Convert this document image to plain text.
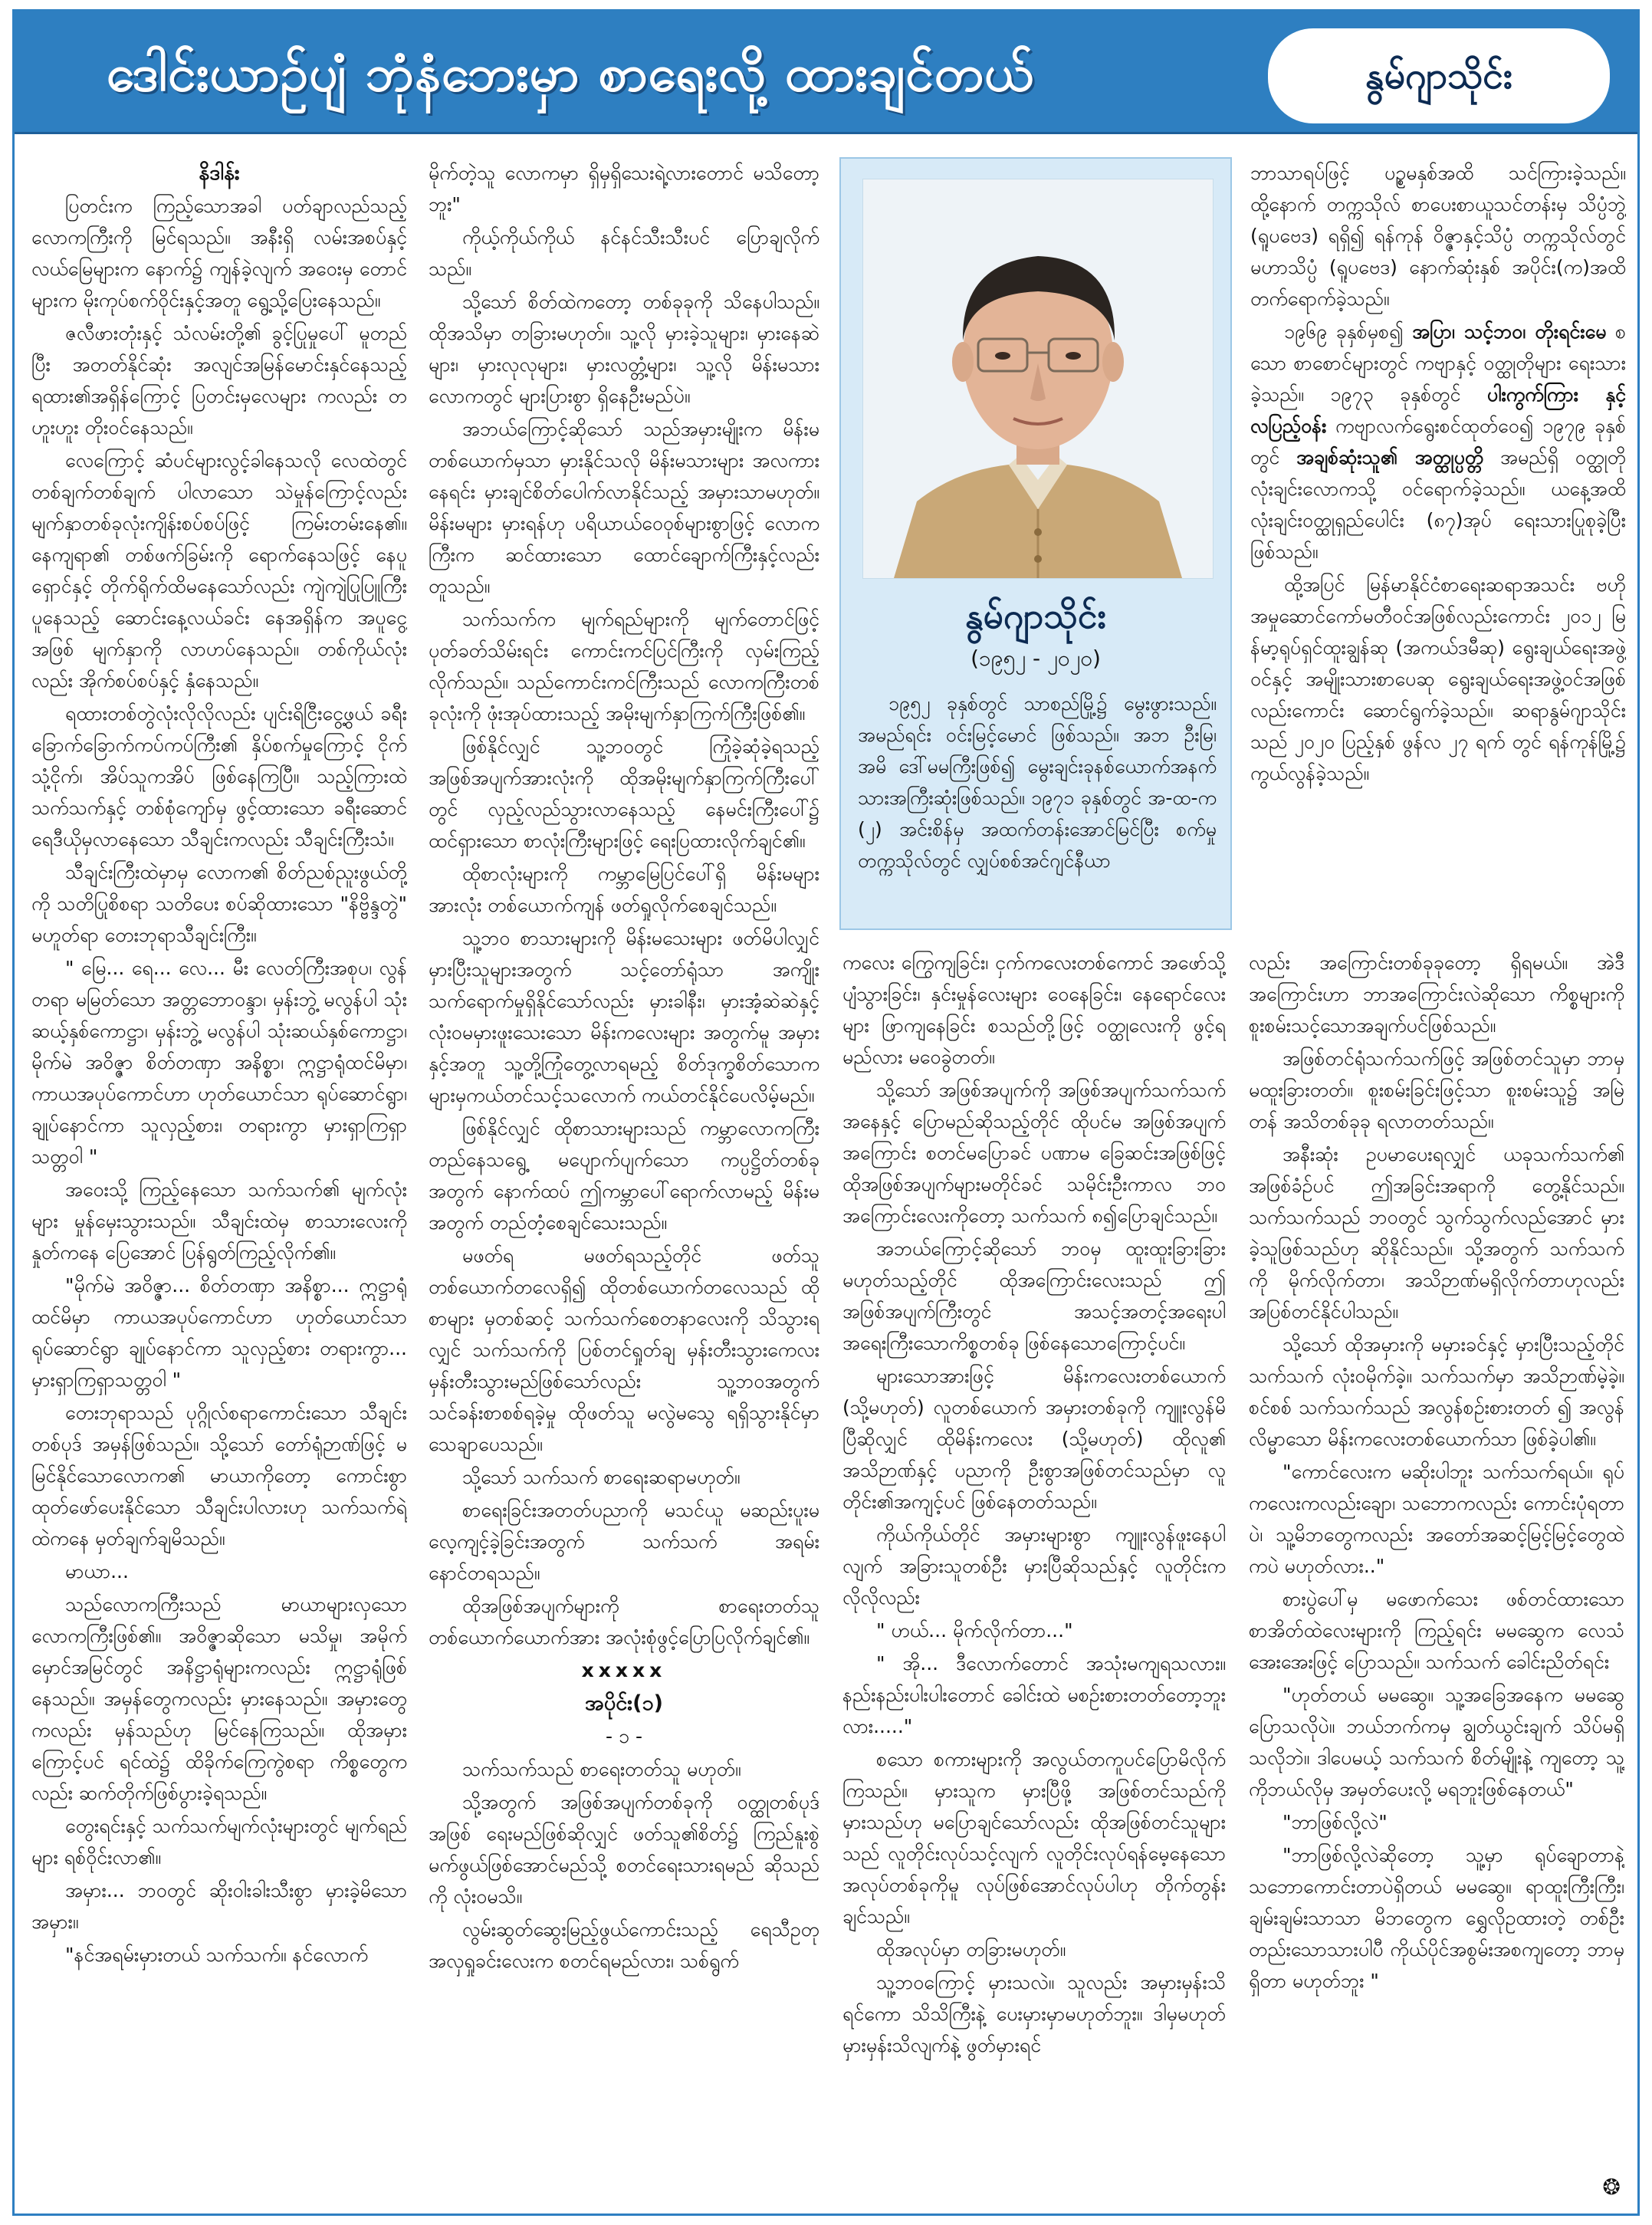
ဒေါင်းယာဥ်ပျံ ဘုံနံဘေးမှာ စာရေးလို့ ထားချင်တယ်	နွမ်ဂျာသိုင်း

နိဒါန်း

ပြတင်းက ကြည့်သောအခါ ပတ်ချာလည်သည့် လောကကြီးကို မြင်ရသည်။ အနီးရှိ လမ်းအစပ်နှင့် လယ်မြေများက နောက်၌ ကျန်ခဲ့လျက် အဝေးမှ တောင်များက မိုးကုပ်စက်ဝိုင်းနှင့်အတူ ရွေ့သို့ပြေးနေသည်။

ဇလီဖားတုံးနှင့် သံလမ်းတို့၏ ခွင့်ပြုမှုပေါ် မူတည်ပြီး အတတ်နိုင်ဆုံး အလျင်အမြန်မောင်းနှင်နေသည့် ရထား၏အရှိန်ကြောင့် ပြတင်းမှလေများ ကလည်း တဟူးဟူး တိုးဝင်နေသည်။

လေကြောင့် ဆံပင်များလွင့်ခါနေသလို လေထဲတွင် တစ်ချက်တစ်ချက် ပါလာသော သဲမှုန်ကြောင့်လည်း မျက်နှာတစ်ခုလုံးကျိန်းစပ်စပ်ဖြင့် ကြမ်းတမ်းနေ၏။ နေကျရာ၏ တစ်ဖက်ခြမ်းကို ရောက်နေသဖြင့် နေပူရှောင်နှင့် တိုက်ရိုက်ထိမနေသော်လည်း ကျဲကျဲပြုပြူကြီးပူနေသည့် ဆောင်းနေ့လယ်ခင်း နေအရှိန်က အပူငွေ့အဖြစ် မျက်နှာကို လာဟပ်နေသည်။ တစ်ကိုယ်လုံးလည်း အိုက်စပ်စပ်နှင့် နှံနေသည်။

ရထားတစ်တွဲလုံးလိုလိုလည်း ပျင်းရိငြီးငွေ့ဖွယ် ခရီးခြောက်ခြောက်ကပ်ကပ်ကြီး၏ နှိပ်စက်မှုကြောင့် ငိုက်သုံ့ငိုက်၊ အိပ်သူကအိပ် ဖြစ်နေကြပြီ။ သည့်ကြားထဲ သက်သက်နှင့် တစ်စုံကျော်မှ ဖွင့်ထားသော ခရီးဆောင်ရေဒီယိုမှလာနေသော သီချင်းကလည်း သီချင်းကြီးသံ။

သီချင်းကြီးထဲမှာမှ လောက၏ စိတ်ညစ်ညူးဖွယ်တို့ကို သတိပြုစိစရာ သတိပေး စပ်ဆိုထားသော "နိဗ္ဗိန္ဒတွဲ" မဟူတ်ရာ တေးဘုရာသီချင်းကြီး။

" မြေ... ရေ... လေ... မီး လေတ်ကြီးအစုပ၊ လွန်တရာ မမြတ်သော အတ္တဘောဝန္ဒာ၊ မှန်းဘွဲ့ မလွန်ပါ သုံးဆယ့်နှစ်ကောဋ္ဌာ၊ မှန်းဘွဲ့ မလွန်ပါ သုံးဆယ်နှစ်ကောဋ္ဌာ၊ မိုက်မဲ အဝိဇ္ဇာ စိတ်တဏှာ အနိစ္စာ၊ ဣဋ္ဌာရုံထင်မိမှာ၊ ကာယအပုပ်ကောင်ဟာ ဟုတ်ယောင်သာ ရုပ်ဆောင်ရွာ၊ ချုပ်နောင်ကာ သူလှည့်စား၊ တရားကွာ မှားရှာကြရှာသတ္တဝါ "

အဝေးသို့ ကြည့်နေသော သက်သက်၏ မျက်လုံးများ မှုန်မှေးသွားသည်။ သီချင်းထဲမှ စာသားလေးကို နှုတ်ကနေ ပြေအောင် ပြန်ရွတ်ကြည့်လိုက်၏။

"မိုက်မဲ အဝိဇ္ဇာ... စိတ်တဏှာ အနိစ္စာ... ဣဋ္ဌာရုံထင်မိမှာ ကာယအပုပ်ကောင်ဟာ ဟုတ်ယောင်သာ ရုပ်ဆောင်ရွာ ချုပ်နောင်ကာ သူလှည့်စား တရားကွာ... မှားရှာကြရှာသတ္တဝါ "

တေးဘုရာသည် ပုဂ္ဂိုလ်စရာကောင်းသော သီချင်းတစ်ပုဒ် အမှန်ဖြစ်သည်။ သို့သော် တော်ရုံဉာဏ်ဖြင့် မမြင်နိုင်သောလောက၏ မာယာကိုတော့ ကောင်းစွာထုတ်ဖော်ပေးနိုင်သော သီချင်းပါလားဟု သက်သက်ရဲ့ထဲကနေ မှတ်ချက်ချမိသည်။

မာယာ...

သည်လောကကြီးသည် မာယာများလှသော လောကကြီးဖြစ်၏။ အဝိဇ္ဇာဆိုသော မသိမှု၊ အမိုက်မှောင်အမြင်တွင် အနိဋ္ဌာရုံများကလည်း ဣဋ္ဌာရုံဖြစ်နေသည်။ အမှန်တွေကလည်း မှားနေသည်။ အမှားတွေကလည်း မှန်သည်ဟု မြင်နေကြသည်။ ထိုအမှားကြောင့်ပင် ရင်ထဲ၌ ထိခိုက်ကြေကွဲစရာ ကိစ္စတွေကလည်း ဆက်တိုက်ဖြစ်ပွားခဲ့ရသည်။

တွေးရင်းနှင့် သက်သက်မျက်လုံးများတွင် မျက်ရည်များ ရစ်ဝိုင်းလာ၏။

အမှား... ဘဝတွင် ဆိုးဝါးခါးသီးစွာ မှားခဲ့မိသော အမှား။

"နင်အရမ်းမှားတယ် သက်သက်။ နင်လောက်

မိုက်တဲ့သူ လောကမှာ ရှိမှရှိသေးရဲ့လားတောင် မသိတော့ဘူး"

ကိုယ့်ကိုယ်ကိုယ် နင်နင်သီးသီးပင် ပြောချလိုက်သည်။

သို့သော် စိတ်ထဲကတော့ တစ်ခုခုကို သိနေပါသည်။ ထိုအသိမှာ တခြားမဟုတ်။ သူ့လို မှားခဲ့သူများ၊ မှားနေဆဲများ၊ မှားလုလုများ၊ မှားလတ္တံ့များ၊ သူ့လို မိန်းမသားလောကတွင် များပြားစွာ ရှိနေဦးမည်ပဲ။

အဘယ်ကြောင့်ဆိုသော် သည်အမှားမျိုးက မိန်းမတစ်ယောက်မှသာ မှားနိုင်သလို မိန်းမသားများ အလကားနေရင်း မှားချင်စိတ်ပေါက်လာနိုင်သည့် အမှားသာမဟုတ်။ မိန်းမများ မှားရန်ဟု ပရိယာယ်ဝေဝုစ်များစွာဖြင့် လောကကြီးက ဆင်ထားသော ထောင်ချောက်ကြီးနှင့်လည်း တူသည်။

သက်သက်က မျက်ရည်များကို မျက်တောင်ဖြင့် ပုတ်ခတ်သိမ်းရင်း ကောင်းကင်ပြင်ကြီးကို လှမ်းကြည့်လိုက်သည်။ သည်ကောင်းကင်ကြီးသည် လောကကြီးတစ်ခုလုံးကို ဖုံးအုပ်ထားသည့် အမိုးမျက်နှာကြက်ကြီးဖြစ်၏။

ဖြစ်နိုင်လျှင် သူ့ဘဝတွင် ကြုံခဲ့ဆုံခဲ့ရသည့် အဖြစ်အပျက်အားလုံးကို ထိုအမိုးမျက်နှာကြက်ကြီးပေါ်တွင် လှည့်လည်သွားလာနေသည့် နေမင်းကြီးပေါ်၌ ထင်ရှားသော စာလုံးကြီးများဖြင့် ရေးပြထားလိုက်ချင်၏။

ထိုစာလုံးများကို ကမ္ဘာမြေပြင်ပေါ်ရှိ မိန်းမများအားလုံး တစ်ယောက်ကျန် ဖတ်ရှုလိုက်စေချင်သည်။

သူ့ဘဝ စာသားများကို မိန်းမသေးများ ဖတ်မိပါလျှင် မှားပြီးသူများအတွက် သင့်တော်ရုံသာ အကျိုးသက်ရောက်မှုရှိနိုင်သော်လည်း မှားခါနီး၊ မှားအံ့ဆဲဆဲနှင့် လုံးဝမမှားဖူးသေးသော မိန်းကလေးများ အတွက်မူ အမှားနှင့်အတူ သူ့တို့ကြုံတွေ့လာရမည့် စိတ်ဒုက္ခစိတ်သောကများမှကယ်တင်သင့်သလောက် ကယ်တင်နိုင်ပေလိမ့်မည်။

ဖြစ်နိုင်လျှင် ထိုစာသားများသည် ကမ္ဘာလောကကြီး တည်နေသရွေ့ မပျောက်ပျက်သော ကပ္ပဋ္ဌိတ်တစ်ခုအတွက် နောက်ထပ် ဤကမ္ဘာပေါ်ရောက်လာမည့် မိန်းမအတွက် တည်တံ့စေချင်သေးသည်။

မဖတ်ရ မဖတ်ရသည့်တိုင် ဖတ်သူတစ်ယောက်တလေရှိ၍ ထိုတစ်ယောက်တလေသည် ထိုစာများ မှတစ်ဆင့် သက်သက်စေတနာလေးကို သိသွားရလျှင် သက်သက်ကို ပြစ်တင်ရှုတ်ချ မှန်းတီးသွားကေလး မှန်းတီးသွားမည်ဖြစ်သော်လည်း သူ့ဘဝအတွက် သင်ခန်းစာစစ်ရခဲ့မှု ထိုဖတ်သူ မလွဲမသွေ ရရှိသွားနိုင်မှာ သေချာပေသည်။

သို့သော် သက်သက် စာရေးဆရာမဟုတ်။

စာရေးခြင်းအတတ်ပညာကို မသင်ယူ မဆည်းပူးမလေ့ကျင့်ခဲ့ခြင်းအတွက် သက်သက် အရမ်းနောင်တရသည်။

ထိုအဖြစ်အပျက်များကို စာရေးတတ်သူ တစ်ယောက်ယောက်အား အလုံးစုံဖွင့်ပြောပြလိုက်ချင်၏။

xxxxx

အပိုင်း(၁)

- ၁ -

သက်သက်သည် စာရေးတတ်သူ မဟုတ်။

သို့အတွက် အဖြစ်အပျက်တစ်ခုကို ဝတ္ထုတစ်ပုဒ် အဖြစ် ရေးမည်ဖြစ်ဆိုလျှင် ဖတ်သူ၏စိတ်၌ ကြည်နူးစွဲမက်ဖွယ်ဖြစ်အောင်မည်သို့ စတင်ရေးသားရမည် ဆိုသည်ကို လုံးဝမသိ။

လွမ်းဆွတ်ဆွေးမြည့်ဖွယ်ကောင်းသည့် ရေသီဥတုအလှရှုခင်းလေးက စတင်ရမည်လား၊ သစ်ရွက်

နွမ်ဂျာသိုင်း
(၁၉၅၂ - ၂၀၂၀)

၁၉၅၂ ခုနှစ်တွင် သာစည်မြို့၌ မွေးဖွားသည်။ အမည်ရင်း ဝင်းမြင့်မောင် ဖြစ်သည်။ အဘ ဦးမြ၊ အမိ ဒေါ်မမကြီးဖြစ်၍ မွေးချင်းခုနစ်ယောက်အနက် သားအကြီးဆုံးဖြစ်သည်။ ၁၉၇၁ ခုနှစ်တွင် အ-ထ-က (၂) အင်းစိန်မှ အထက်တန်းအောင်မြင်ပြီး စက်မှုတက္ကသိုလ်တွင် လျှပ်စစ်အင်ဂျင်နီယာ

ဘာသာရပ်ဖြင့် ပဉ္စမနှစ်အထိ သင်ကြားခဲ့သည်။ ထို့နောက် တက္ကသိုလ် စာပေးစာယူသင်တန်းမှ သိပ္ပံဘွဲ့ (ရူပဗေဒ) ရရှိ၍ ရန်ကုန် ဝိဇ္ဇာနှင့်သိပ္ပံ တက္ကသိုလ်တွင် မဟာသိပ္ပံ (ရူပဗေဒ) နောက်ဆုံးနှစ် အပိုင်း(က)အထိ တက်ရောက်ခဲ့သည်။

၁၉၆၉ ခုနှစ်မှစ၍ အပြာ၊ သင့်ဘဝ၊ တိုးရင်းမေ စသော စာစောင်များတွင် ကဗျာနှင့် ဝတ္ထုတိုများ ရေးသားခဲ့သည်။ ၁၉၇၃ ခုနှစ်တွင် ပါးကွက်ကြား နှင့် လပြည့်ဝန်း ကဗျာလက်ရွေးစင်ထုတ်ဝေ၍ ၁၉၇၉ ခုနှစ်တွင် အချစ်ဆုံးသူ၏ အတ္ထုပ္ပတ္တိ အမည်ရှိ ဝတ္ထုတို လုံးချင်းလောကသို့ ဝင်ရောက်ခဲ့သည်။ ယနေ့အထိ လုံးချင်းဝတ္ထုရှည်ပေါင်း (၈၇)အုပ် ရေးသားပြုစုခဲ့ပြီးဖြစ်သည်။

ထို့အပြင် မြန်မာနိုင်ငံစာရေးဆရာအသင်း ဗဟိုအမှုဆောင်ကော်မတီဝင်အဖြစ်လည်းကောင်း ၂၀၁၂ မြန်မာ့ရုပ်ရှင်ထူးချွန်ဆု (အကယ်ဒမီဆု) ရွေးချယ်ရေးအဖွဲ့ဝင်နှင့် အမျိုးသားစာပေဆု ရွေးချယ်ရေးအဖွဲ့ဝင်အဖြစ် လည်းကောင်း ဆောင်ရွက်ခဲ့သည်။ ဆရာနွမ်ဂျာသိုင်းသည် ၂၀၂၀ ပြည့်နှစ် ဖွန်လ ၂၇ ရက် တွင် ရန်ကုန်မြို့၌ ကွယ်လွန်ခဲ့သည်။

ကလေး ကြွေကျခြင်း၊ ငှက်ကလေးတစ်ကောင် အဖော်သို့ ပျံသွားခြင်း၊ နှင်းမှုန်လေးများ ဝေနေခြင်း၊ နေရောင်လေးများ ဖြာကျနေခြင်း စသည်တို့ဖြင့် ဝတ္ထုလေးကို ဖွင့်ရမည်လား မဝေခွဲတတ်။

သို့သော် အဖြစ်အပျက်ကို အဖြစ်အပျက်သက်သက်အနေနှင့် ပြောမည်ဆိုသည့်တိုင် ထိုပင်မ အဖြစ်အပျက်အကြောင်း စတင်မပြောခင် ပဏာမ ခြေဆင်းအဖြစ်ဖြင့် ထိုအဖြစ်အပျက်များမတိုင်ခင် သမိုင်းဦးကာလ ဘဝအကြောင်းလေးကိုတော့ သက်သက် ၈၍ပြောချင်သည်။

အဘယ်ကြောင့်ဆိုသော် ဘဝမှ ထူးထူးခြားခြား မဟုတ်သည့်တိုင် ထိုအကြောင်းလေးသည် ဤ အဖြစ်အပျက်ကြီးတွင် အသင့်အတင့်အရေးပါ အရေးကြီးသောကိစ္စတစ်ခု ဖြစ်နေသောကြောင့်ပင်။

များသောအားဖြင့် မိန်းကလေးတစ်ယောက် (သို့မဟုတ်) လူတစ်ယောက် အမှားတစ်ခုကို ကျူးလွန်မိပြီဆိုလျှင် ထိုမိန်းကလေး (သို့မဟုတ်) ထိုလူ၏ အသိဉာဏ်နှင့် ပညာကို ဦးစွာအဖြစ်တင်သည်မှာ လူတိုင်း၏အကျင့်ပင် ဖြစ်နေတတ်သည်။

ကိုယ်ကိုယ်တိုင် အမှားများစွာ ကျူးလွန်ဖူးနေပါလျက် အခြားသူတစ်ဦး မှားပြီဆိုသည်နှင့် လူတိုင်းက လိုလိုလည်း

" ဟယ်... မိုက်လိုက်တာ..."

" အို... ဒီလောက်တောင် အသုံးမကျရသလား။ နည်းနည်းပါးပါးတောင် ခေါင်းထဲ မစဉ်းစားတတ်တော့ဘူးလား....."

စသော စကားများကို အလွယ်တကူပင်ပြောမိလိုက်ကြသည်။ မှားသူက မှားပြီဖို့ အဖြစ်တင်သည်ကို မှားသည်ဟု မပြောချင်သော်လည်း ထိုအဖြစ်တင်သူများသည် လူတိုင်းလုပ်သင့်လျက် လူတိုင်းလုပ်ရန်မေ့နေသော အလုပ်တစ်ခုကိုမူ လုပ်ဖြစ်အောင်လုပ်ပါဟု တိုက်တွန်းချင်သည်။

ထိုအလုပ်မှာ တခြားမဟုတ်။

သူ့ဘဝကြောင့် မှားသလဲ။ သူလည်း အမှားမှန်းသိရင်ကော သိသိကြီးနဲ့ ပေးမှားမှာမဟုတ်ဘူး။ ဒါမှမဟုတ် မှားမှန်းသိလျက်နဲ့ ဖွတ်မှားရင်

လည်း အကြောင်းတစ်ခုခုတော့ ရှိရမယ်။ အဲဒီ အကြောင်းဟာ ဘာအကြောင်းလဲဆိုသော ကိစ္စများကို စူးစမ်းသင့်သောအချက်ပင်ဖြစ်သည်။

အဖြစ်တင်ရုံသက်သက်ဖြင့် အဖြစ်တင်သူမှာ ဘာမှမထူးခြားတတ်။ စူးစမ်းခြင်းဖြင့်သာ စူးစမ်းသူ၌ အမြဲတန် အသိတစ်ခုခု ရလာတတ်သည်။

အနီးဆုံး ဥပမာပေးရလျှင် ယခုသက်သက်၏ အဖြစ်ခံဉ်ပင် ဤအခြင်းအရာကို တွေ့နိုင်သည်။ သက်သက်သည် ဘဝတွင် သွက်သွက်လည်အောင် မှားခဲ့သူဖြစ်သည်ဟု ဆိုနိုင်သည်။ သို့အတွက် သက်သက်ကို မိုက်လိုက်တာ၊ အသိဉာဏ်မရှိလိုက်တာဟုလည်း အပြစ်တင်နိုင်ပါသည်။

သို့သော် ထိုအမှားကို မမှားခင်နှင့် မှားပြီးသည့်တိုင် သက်သက် လုံးဝမိုက်ခဲ့။ သက်သက်မှာ အသိဉာဏ်မဲ့ခဲ့။ စင်စစ် သက်သက်သည် အလွန်စဉ်းစားတတ် ၍ အလွန်လိမ္မာသော မိန်းကလေးတစ်ယောက်သာ ဖြစ်ခဲ့ပါ၏။

"ကောင်လေးက မဆိုးပါဘူး သက်သက်ရယ်။ ရုပ်ကလေးကလည်းချော၊ သဘောကလည်း ကောင်းပုံရတာပဲ၊ သူ့မိဘတွေကလည်း အတော်အဆင့်မြင့်မြင့်တွေထဲကပဲ မဟုတ်လား.."

စားပွဲပေါ်မှ မဖောက်သေး ဖစ်တင်ထားသော စာအိတ်ထဲလေးများကို ကြည့်ရင်း မမဆွေက လေသံအေးအေးဖြင့် ပြောသည်။ သက်သက် ခေါင်းညိတ်ရင်း

"ဟုတ်တယ် မမဆွေ။ သူ့အခြေအနေက မမဆွေပြောသလိုပဲ။ ဘယ်ဘက်ကမှ ချွတ်ယွင်းချက် သိပ်မရှိသလိုဘဲ။ ဒါပေမယ့် သက်သက် စိတ်မျိုးနဲ့ ကျတော့ သူ့ကိုဘယ်လိုမှ အမှတ်ပေးလို့ မရဘူးဖြစ်နေတယ်"

"ဘာဖြစ်လို့လဲ"

"ဘာဖြစ်လို့လဲဆိုတော့ သူ့မှာ ရုပ်ချောတာနဲ့ သဘောကောင်းတာပဲရှိတယ် မမဆွေ။ ရာထူးကြီးကြီး၊ ချမ်းချမ်းသာသာ မိဘတွေက ရွှေလိုဥထားတဲ့ တစ်ဦးတည်းသောသားပါပီ ကိုယ်ပိုင်အစွမ်းအစကျတော့ ဘာမှရှိတာ မဟုတ်ဘူး "

❂
